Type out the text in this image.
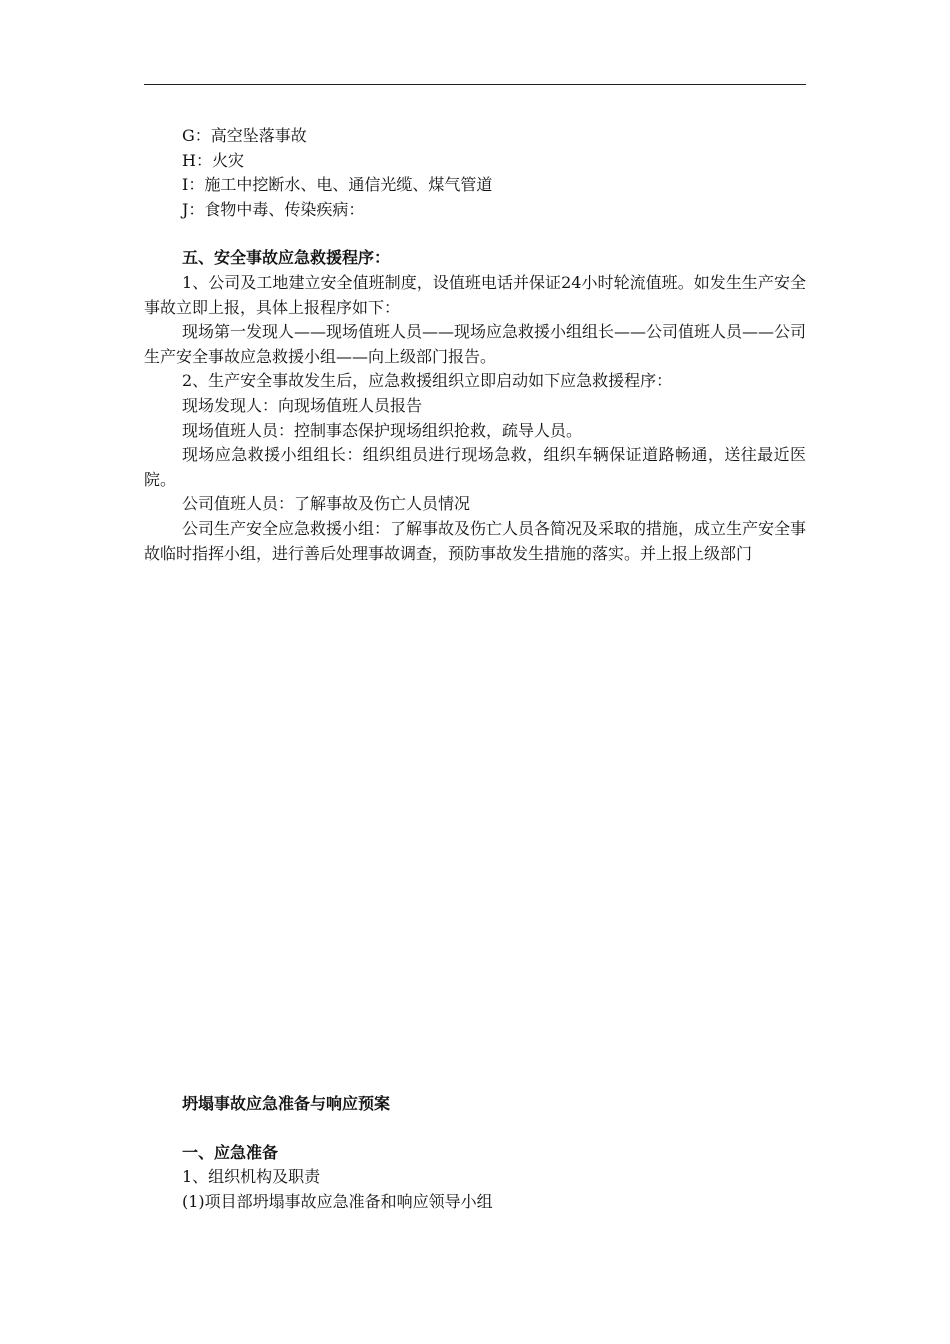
G：高空坠落事故
H：火灾
I：施工中挖断水、电、通信光缆、煤气管道
J：食物中毒、传染疾病：
五、安全事故应急救援程序：
1、公司及工地建立安全值班制度，设值班电话并保证24小时轮流值班。如发生生产安全事故立即上报，具体上报程序如下：
现场第一发现人——现场值班人员——现场应急救援小组组长——公司值班人员——公司生产安全事故应急救援小组——向上级部门报告。
2、生产安全事故发生后，应急救援组织立即启动如下应急救援程序：
现场发现人：向现场值班人员报告
现场值班人员：控制事态保护现场组织抢救，疏导人员。
现场应急救援小组组长：组织组员进行现场急救，组织车辆保证道路畅通，送往最近医院。
公司值班人员：了解事故及伤亡人员情况
公司生产安全应急救援小组：了解事故及伤亡人员各简况及采取的措施，成立生产安全事故临时指挥小组，进行善后处理事故调查，预防事故发生措施的落实。并上报上级部门
坍塌事故应急准备与响应预案
一、应急准备
1、组织机构及职责
(1)项目部坍塌事故应急准备和响应领导小组
